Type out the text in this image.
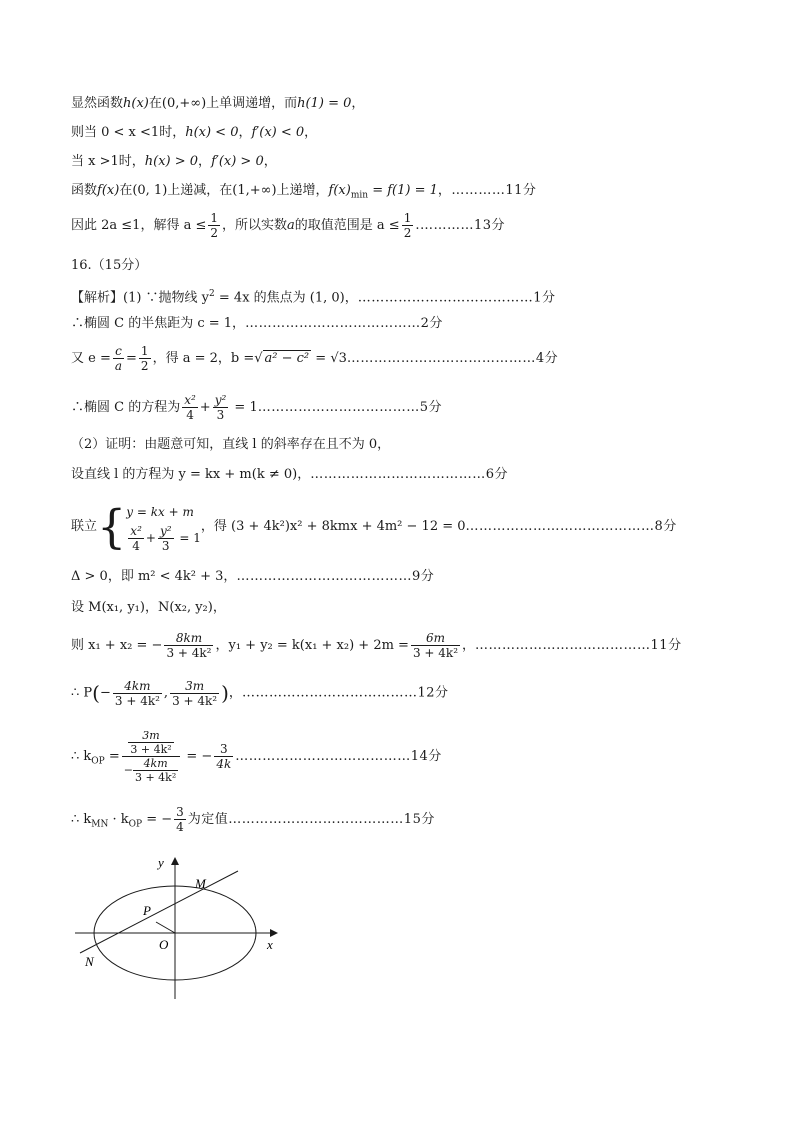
显然函数h(x)在(0,+∞)上单调递增，而h(1) = 0，
则当 0 < x <1时，h(x) < 0，f′(x) < 0，
当 x >1时，h(x) > 0，f′(x) > 0，
函数f(x)在(0, 1)上递减，在(1,+∞)上递增，$f(x)_{min} = f(1) = 1$，…………11分
因此 2a ≤1，解得 $a \le \frac{1}{2}$ ，所以实数a的取值范围是 $a \le \frac{1}{2}$ .…………13分
16.（15分）
【解析】(1) ∵抛物线 $y^2 = 4x$ 的焦点为 (1, 0)，…………………………………1分
∴椭圆 C 的半焦距为 c = 1，…………………………………2分
又 $e = \frac{c}{a} = \frac{1}{2}$ ，得 a = 2，b =√ a² − c² = √3……………………………………4分
∴椭圆 C 的方程为 $\frac{\text{x²}}{4} + \frac{\text{y²}}{3}$ = 1………………………………5分
（2）证明：由题意可知，直线 l 的斜率存在且不为 0，
设直线 l 的方程为 y = kx + m(k ≠ 0)，…………………………………6分
联立{ y = kx + m
$\frac{\text{x²}}{4} + \frac{\text{y²}}{3} = 1$
，得 (3 + 4k²)x² + 8kmx + 4m² − 12 = 0……………………………………8分
Δ > 0，即 m² < 4k² + 3，…………………………………9分
设 M(x₁, y₁)，N(x₂, y₂)，
则 x₁ + x₂ = − $\frac{8km}{\text{3 + 4k²}}$ ，$y_1 + y_2 = k(x_1 + x_2) + 2m = \frac{6m}{\text{3 + 4k²}}$ ，…………………………………11分
∴ $P(- \frac{4km}{\text{3 + 4k²}}$ , $\frac{3m}{\text{3 + 4k²}}$ )，…………………………………12分
∴ $k_{OP} = \frac{\frac{3m}{\text{3 + 4k²}}}{- \frac{4km}{\text{3 + 4k²}}}$ = − $\frac{3}{4k}$ …………………………………14分
∴ $k_{MN} \cdot k_{OP}$ = − $\frac{3}{4}$ 为定值…………………………………15分
y
x
O
M
N
P
